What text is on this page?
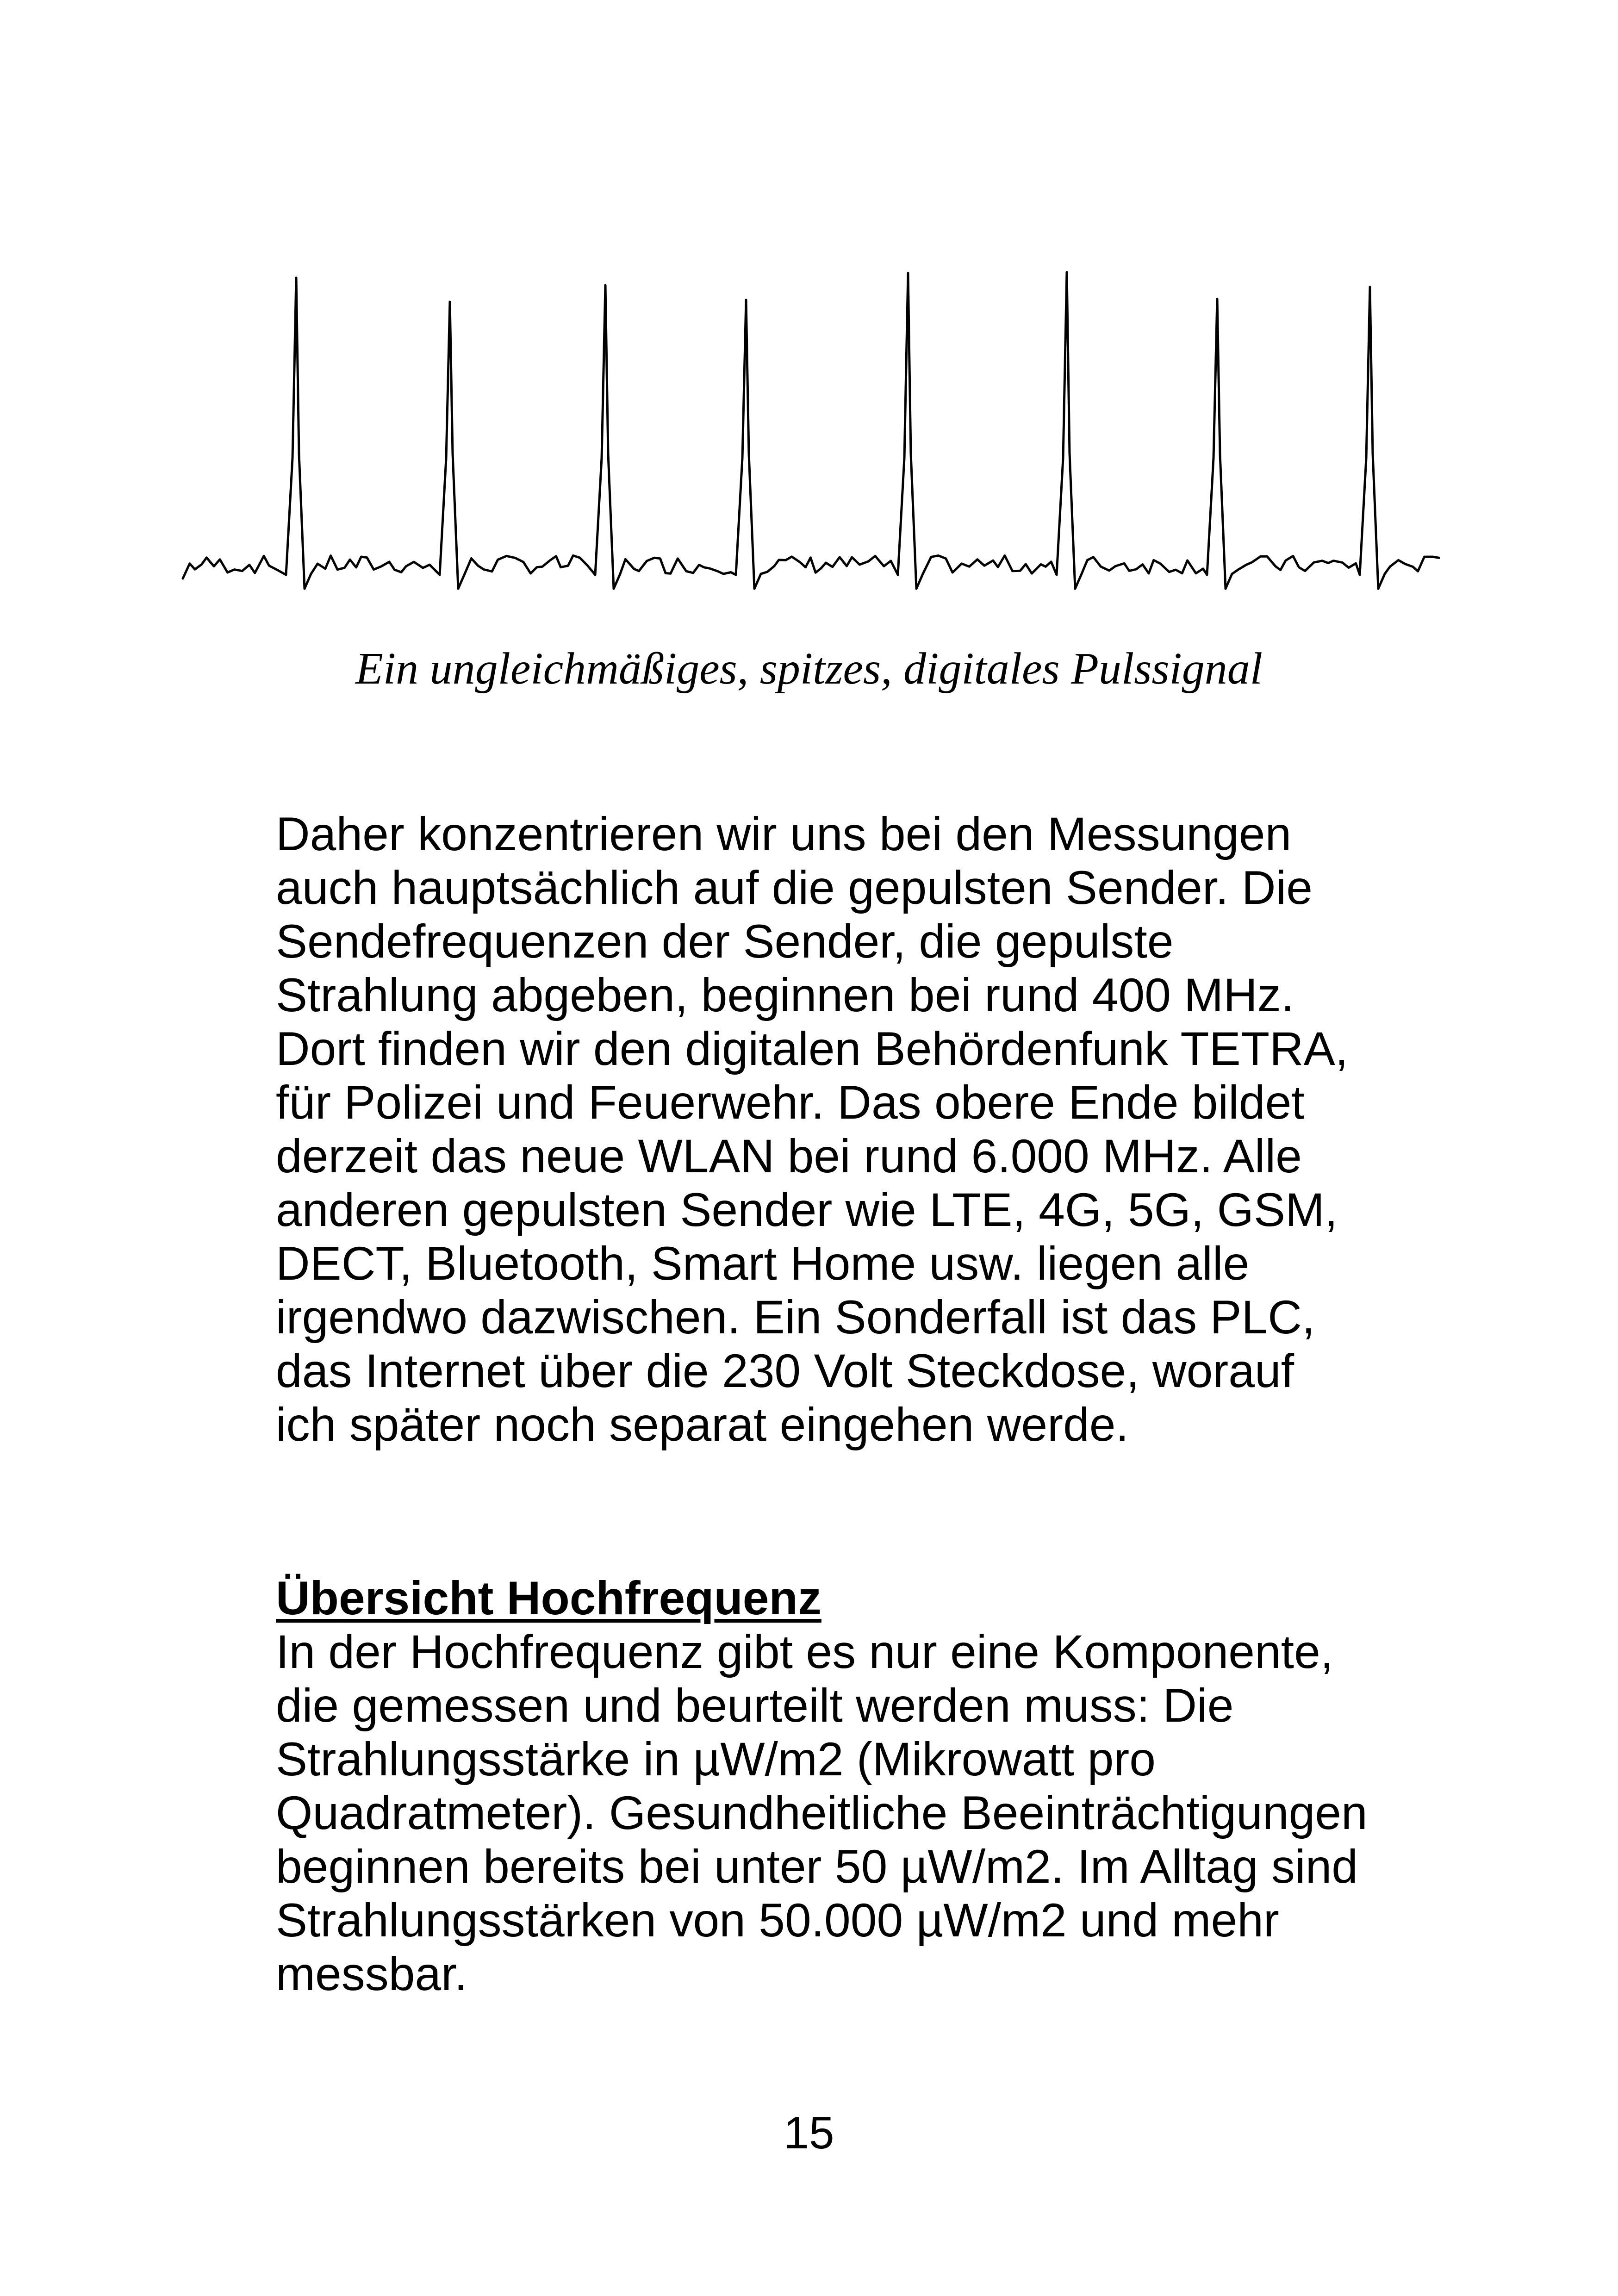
Ein ungleichmäßiges, spitzes, digitales Pulssignal
Daher konzentrieren wir uns bei den Messungen
auch hauptsächlich auf die gepulsten Sender. Die
Sendefrequenzen der Sender, die gepulste
Strahlung abgeben, beginnen bei rund 400 MHz.
Dort finden wir den digitalen Behördenfunk TETRA,
für Polizei und Feuerwehr. Das obere Ende bildet
derzeit das neue WLAN bei rund 6.000 MHz. Alle
anderen gepulsten Sender wie LTE, 4G, 5G, GSM,
DECT, Bluetooth, Smart Home usw. liegen alle
irgendwo dazwischen. Ein Sonderfall ist das PLC,
das Internet über die 230 Volt Steckdose, worauf
ich später noch separat eingehen werde.
Übersicht Hochfrequenz
In der Hochfrequenz gibt es nur eine Komponente,
die gemessen und beurteilt werden muss: Die
Strahlungsstärke in µW/m2 (Mikrowatt pro
Quadratmeter). Gesundheitliche Beeinträchtigungen
beginnen bereits bei unter 50 µW/m2. Im Alltag sind
Strahlungsstärken von 50.000 µW/m2 und mehr
messbar.
15
